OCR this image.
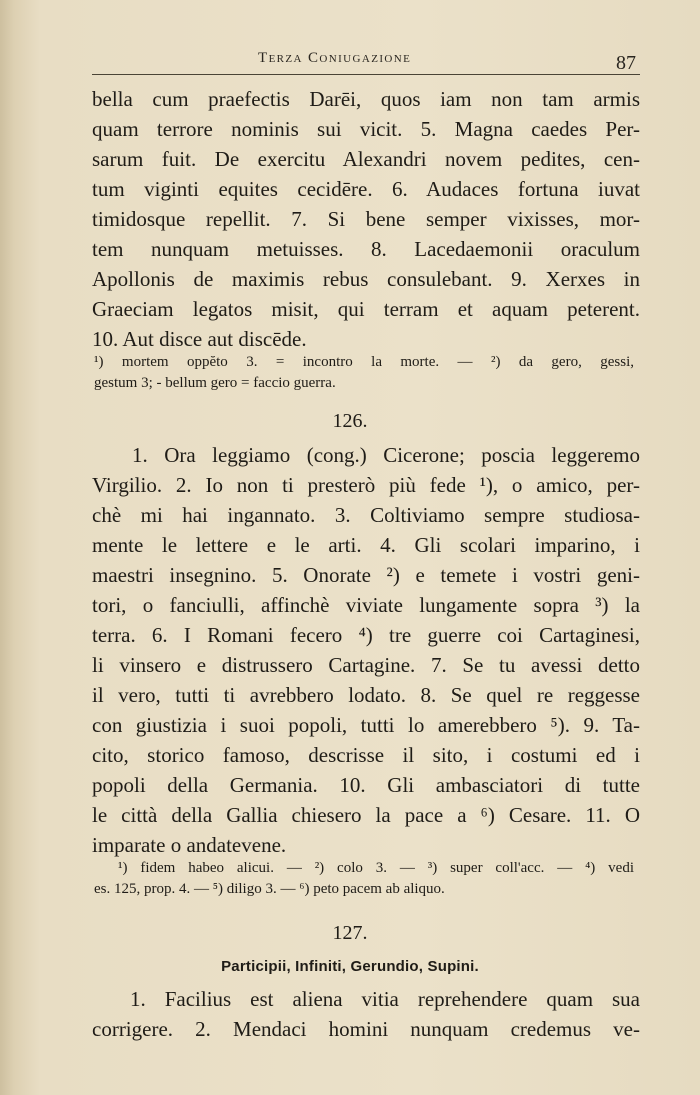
Terza Coniugazione	87
bella cum praefectis Darēi, quos iam non tam armis
quam terrore nominis sui vicit. 5. Magna caedes Per-
sarum fuit. De exercitu Alexandri novem pedites, cen-
tum viginti equites cecidēre. 6. Audaces fortuna iuvat
timidosque repellit. 7. Si bene semper vixisses, mor-
tem nunquam metuisses. 8. Lacedaemonii oraculum
Apollonis de maximis rebus consulebant. 9. Xerxes in
Graeciam legatos misit, qui terram et aquam peterent.
10. Aut disce aut discēde.
¹) mortem oppĕto 3. = incontro la morte. — ²) da gero, gessi,
gestum 3; - bellum gero = faccio guerra.
126.
1. Ora leggiamo (cong.) Cicerone; poscia leggeremo
Virgilio. 2. Io non ti presterò più fede ¹), o amico, per-
chè mi hai ingannato. 3. Coltiviamo sempre studiosa-
mente le lettere e le arti. 4. Gli scolari imparino, i
maestri insegnino. 5. Onorate ²) e temete i vostri geni-
tori, o fanciulli, affinchè viviate lungamente sopra ³) la
terra. 6. I Romani fecero ⁴) tre guerre coi Cartaginesi,
li vinsero e distrussero Cartagine. 7. Se tu avessi detto
il vero, tutti ti avrebbero lodato. 8. Se quel re reggesse
con giustizia i suoi popoli, tutti lo amerebbero ⁵). 9. Ta-
cito, storico famoso, descrisse il sito, i costumi ed i
popoli della Germania. 10. Gli ambasciatori di tutte
le città della Gallia chiesero la pace a ⁶) Cesare. 11. O
imparate o andatevene.
¹) fidem habeo alicui. — ²) colo 3. — ³) super coll'acc. — ⁴) vedi
es. 125, prop. 4. — ⁵) diligo 3. — ⁶) peto pacem ab aliquo.
127.
Participii, Infiniti, Gerundio, Supini.
1. Facilius est aliena vitia reprehendere quam sua
corrigere. 2. Mendaci homini nunquam credemus ve-
